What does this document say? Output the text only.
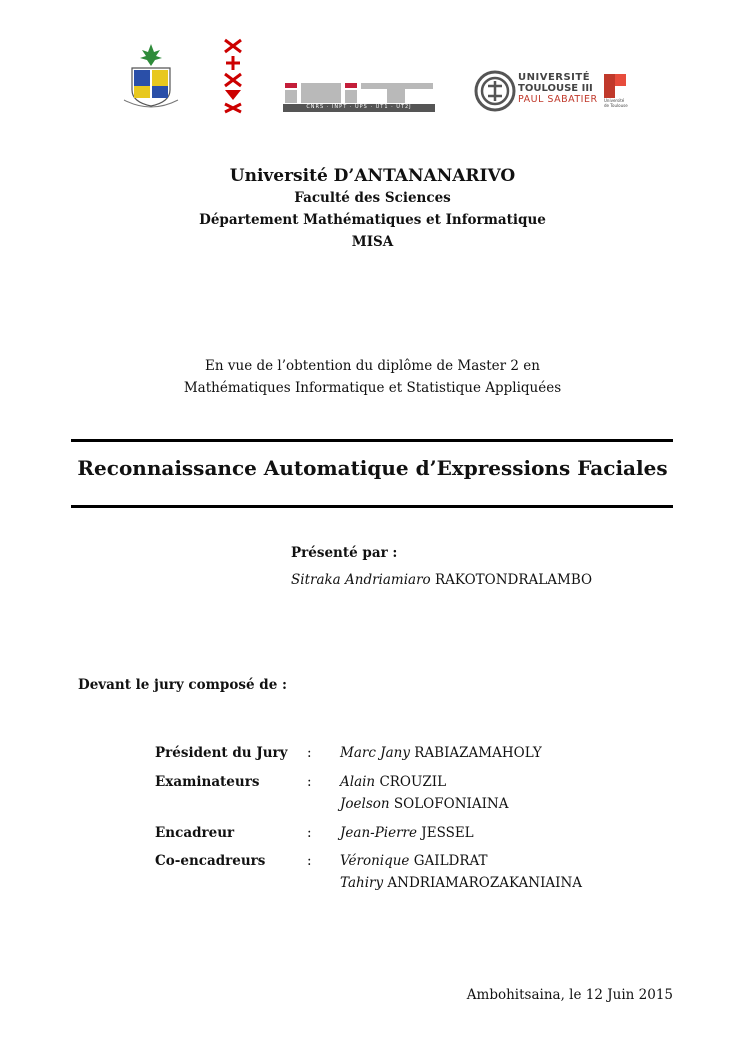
CNRS · INPT · UPS · UT1 · UT2J
UNIVERSITÉ
TOULOUSE III
PAUL SABATIER Université de Toulouse
Université D’ANTANANARIVO
Faculté des Sciences
Département Mathématiques et Informatique
MISA
En vue de l’obtention du diplôme de Master 2 en
Mathématiques Informatique et Statistique Appliquées
Reconnaissance Automatique d’Expressions Faciales
Présenté par :
Sitraka Andriamiaro RAKOTONDRALAMBO
Devant le jury composé de :
Président du Jury	: Marc Jany RABIAZAMAHOLY
Examinateurs	: Alain CROUZIL
Joelson SOLOFONIAINA
Encadreur	: Jean-Pierre JESSEL
Co-encadreurs	: Véronique GAILDRAT
Tahiry ANDRIAMAROZAKANIAINA
Ambohitsaina, le 12 Juin 2015
